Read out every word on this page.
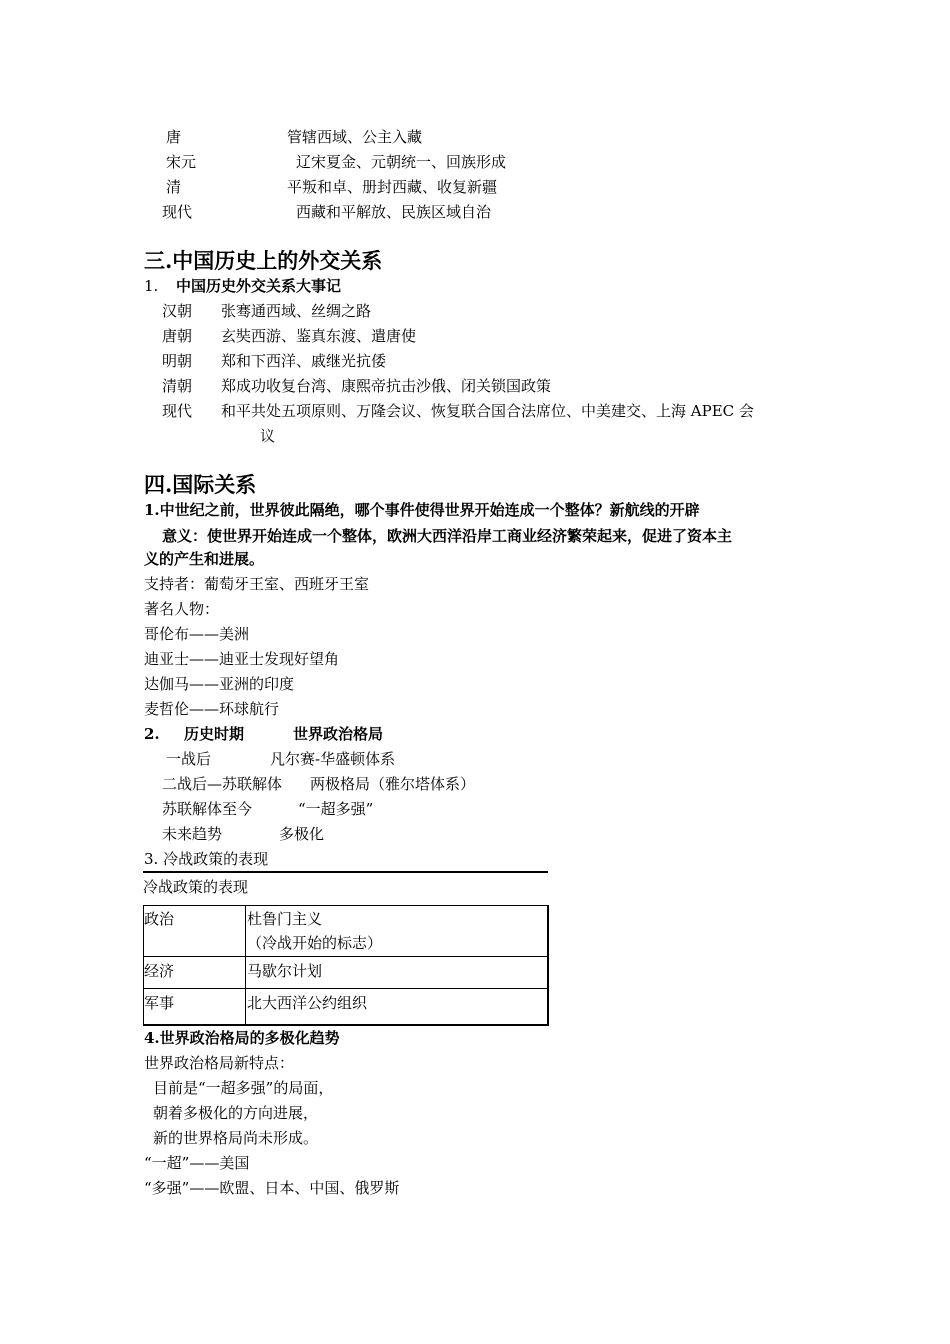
唐	管辖西域、公主入藏
宋元	辽宋夏金、元朝统一、回族形成
清	平叛和卓、册封西藏、收复新疆
现代	西藏和平解放、民族区域自治
三.中国历史上的外交关系
1. 中国历史外交关系大事记
汉朝 张骞通西域、丝绸之路
唐朝 玄奘西游、鉴真东渡、遣唐使
明朝 郑和下西洋、戚继光抗倭
清朝 郑成功收复台湾、康熙帝抗击沙俄、闭关锁国政策
现代 和平共处五项原则、万隆会议、恢复联合国合法席位、中美建交、上海 APEC 会
议
四.国际关系
1.中世纪之前，世界彼此隔绝，哪个事件使得世界开始连成一个整体？新航线的开辟
意义：使世界开始连成一个整体，欧洲大西洋沿岸工商业经济繁荣起来，促进了资本主
义的产生和进展。
支持者：葡萄牙王室、西班牙王室
著名人物：
哥伦布——美洲
迪亚士——迪亚士发现好望角
达伽马——亚洲的印度
麦哲伦——环球航行
2. 历史时期	世界政治格局
一战后	凡尔赛-华盛顿体系
二战后—苏联解体 两极格局（雅尔塔体系）
苏联解体至今	“一超多强”
未来趋势	多极化
3. 冷战政策的表现
冷战政策的表现
政治	杜鲁门主义
（冷战开始的标志）
经济	马歇尔计划
军事	北大西洋公约组织
4.世界政治格局的多极化趋势
世界政治格局新特点：
目前是“一超多强”的局面，
朝着多极化的方向进展，
新的世界格局尚未形成。
“一超”——美国
“多强”——欧盟、日本、中国、俄罗斯
